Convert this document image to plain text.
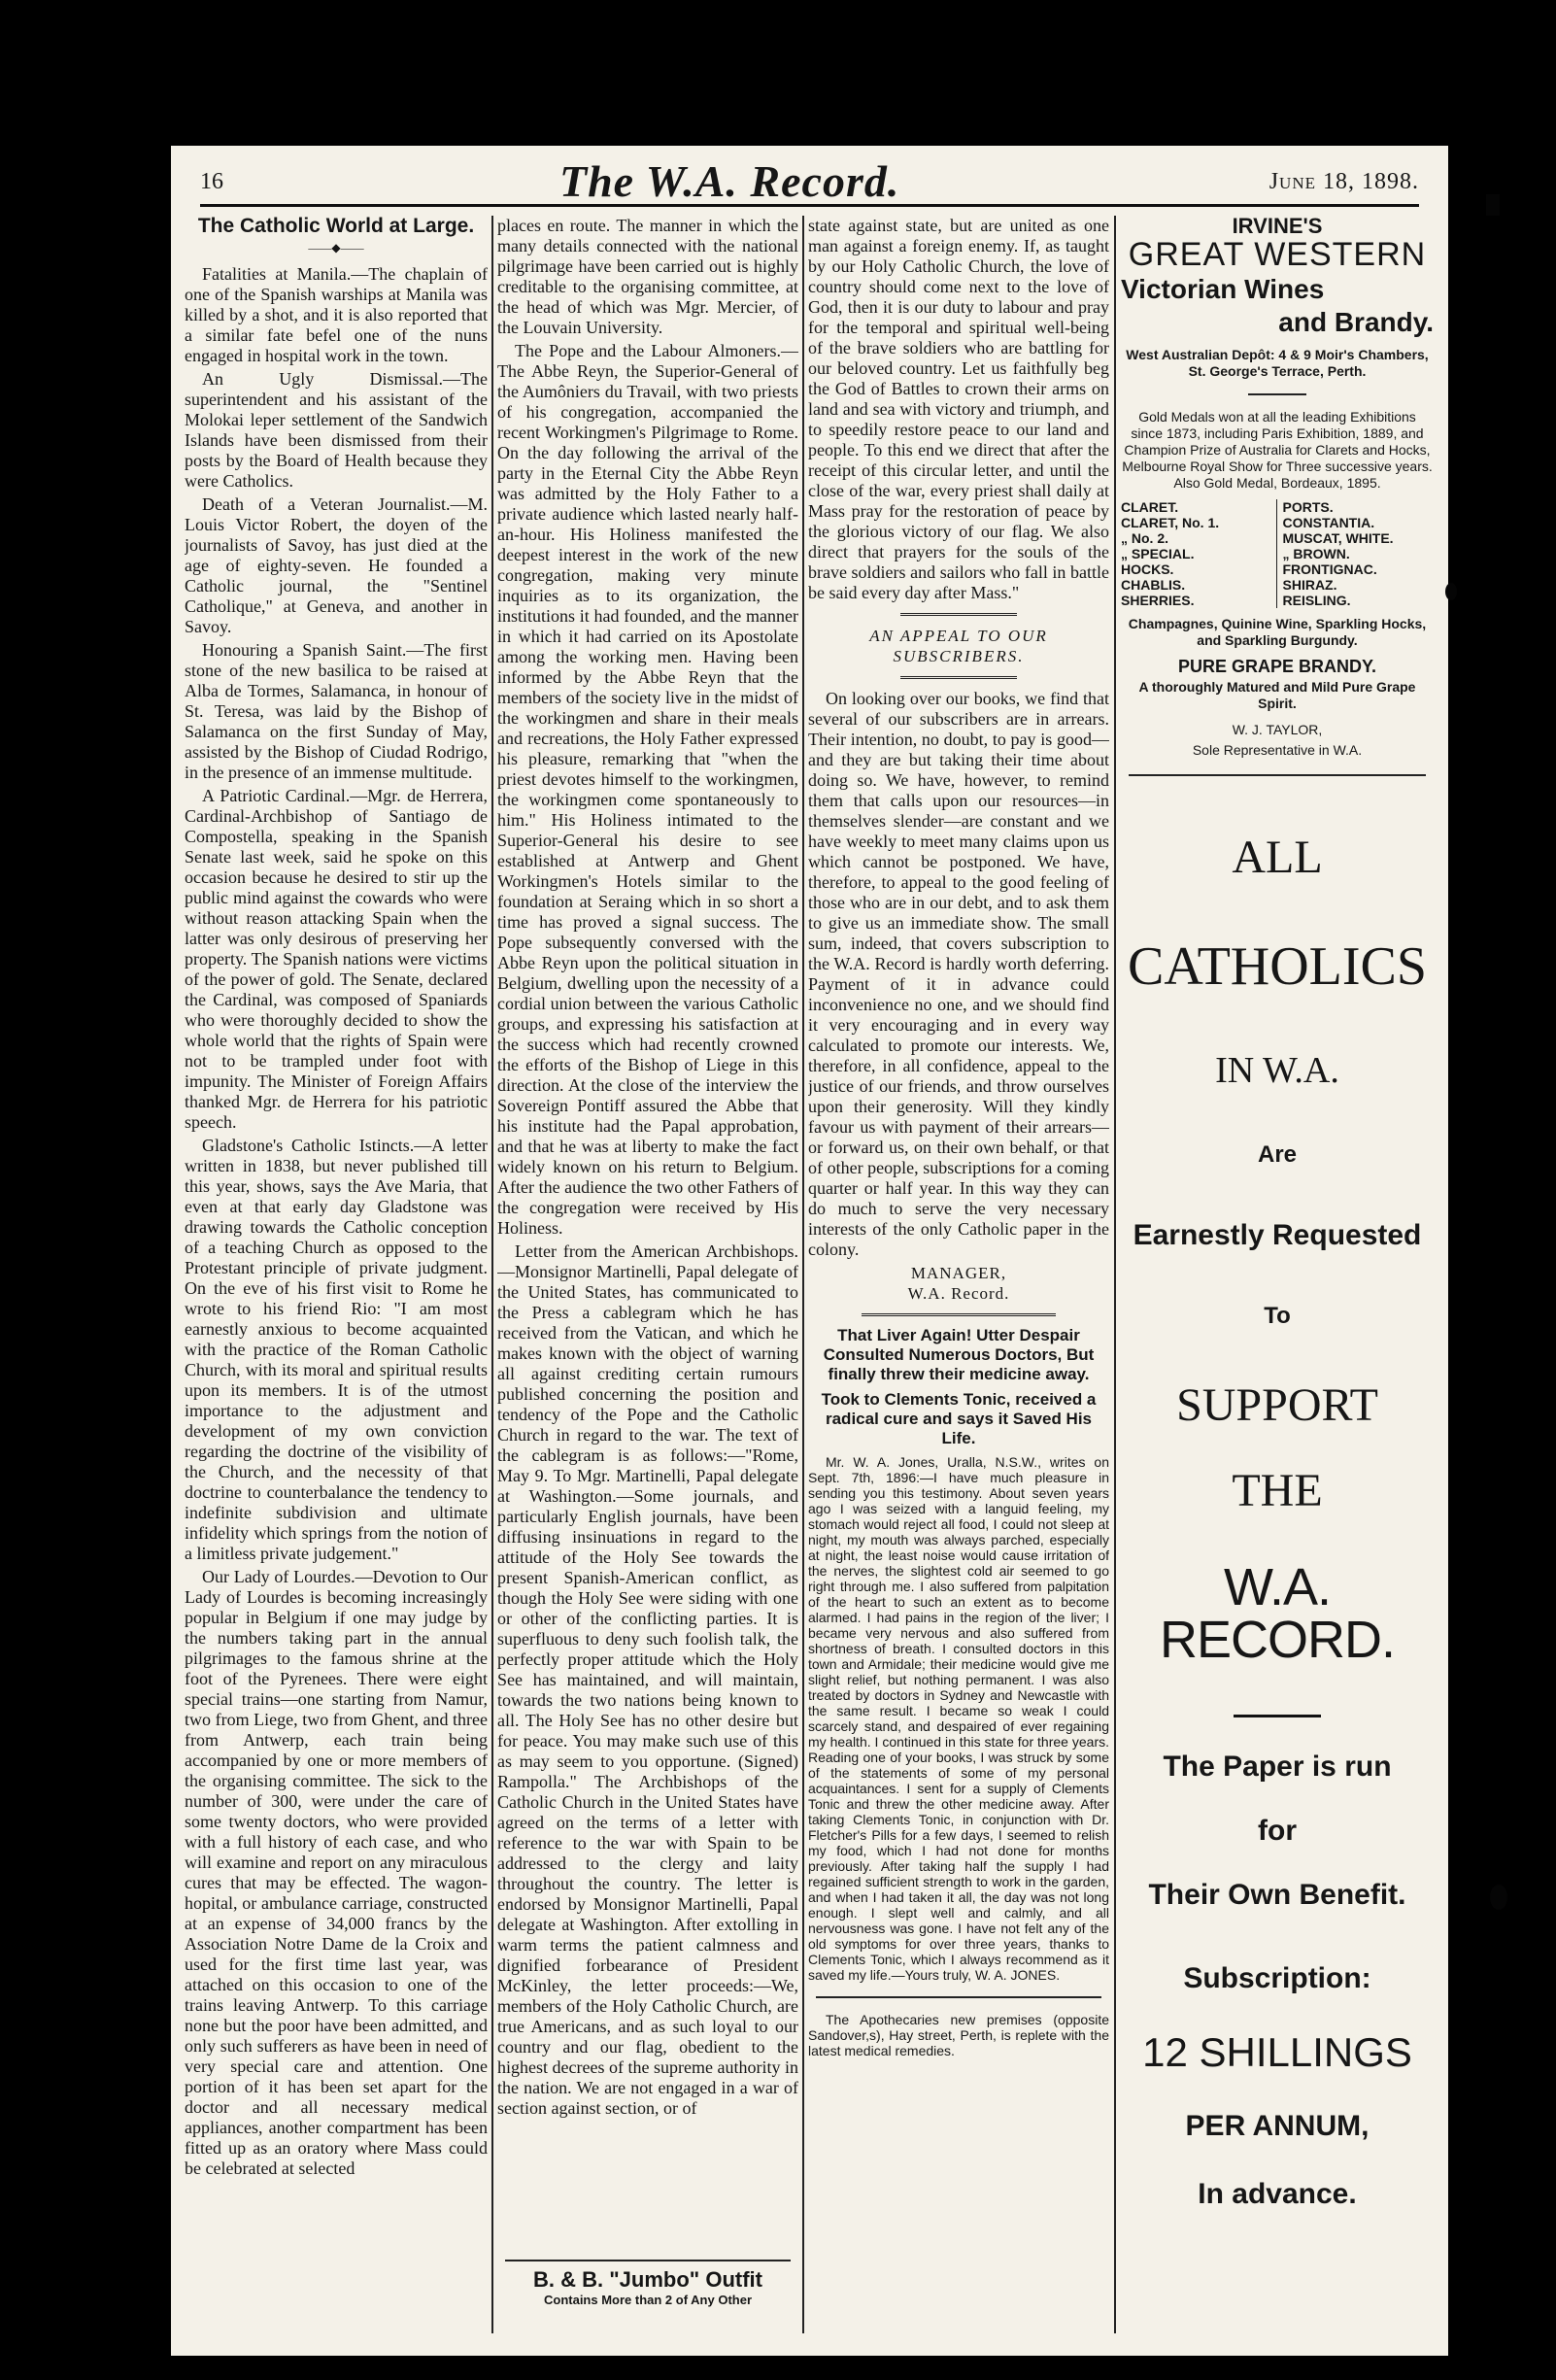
16	The W.A. Record.	June 18, 1898.
The Catholic World at Large.
——◆——

Fatalities at Manila.—The chaplain of one of the Spanish warships at Manila was killed by a shot, and it is also reported that a similar fate befel one of the nuns engaged in hospital work in the town.

An Ugly Dismissal.—The superintendent and his assistant of the Molokai leper settlement of the Sandwich Islands have been dismissed from their posts by the Board of Health because they were Catholics.

Death of a Veteran Journalist.—M. Louis Victor Robert, the doyen of the journalists of Savoy, has just died at the age of eighty-seven. He founded a Catholic journal, the "Sentinel Catholique," at Geneva, and another in Savoy.

Honouring a Spanish Saint.—The first stone of the new basilica to be raised at Alba de Tormes, Salamanca, in honour of St. Teresa, was laid by the Bishop of Salamanca on the first Sunday of May, assisted by the Bishop of Ciudad Rodrigo, in the presence of an immense multitude.

A Patriotic Cardinal.—Mgr. de Herrera, Cardinal-Archbishop of Santiago de Compostella, speaking in the Spanish Senate last week, said he spoke on this occasion because he desired to stir up the public mind against the cowards who were without reason attacking Spain when the latter was only desirous of preserving her property. The Spanish nations were victims of the power of gold. The Senate, declared the Cardinal, was composed of Spaniards who were thoroughly decided to show the whole world that the rights of Spain were not to be trampled under foot with impunity. The Minister of Foreign Affairs thanked Mgr. de Herrera for his patriotic speech.

Gladstone's Catholic Istincts.—A letter written in 1838, but never published till this year, shows, says the Ave Maria, that even at that early day Gladstone was drawing towards the Catholic conception of a teaching Church as opposed to the Protestant principle of private judgment. On the eve of his first visit to Rome he wrote to his friend Rio: "I am most earnestly anxious to become acquainted with the practice of the Roman Catholic Church, with its moral and spiritual results upon its members. It is of the utmost importance to the adjustment and development of my own conviction regarding the doctrine of the visibility of the Church, and the necessity of that doctrine to counterbalance the tendency to indefinite subdivision and ultimate infidelity which springs from the notion of a limitless private judgement."

Our Lady of Lourdes.—Devotion to Our Lady of Lourdes is becoming increasingly popular in Belgium if one may judge by the numbers taking part in the annual pilgrimages to the famous shrine at the foot of the Pyrenees. There were eight special trains—one starting from Namur, two from Liege, two from Ghent, and three from Antwerp, each train being accompanied by one or more members of the organising committee. The sick to the number of 300, were under the care of some twenty doctors, who were provided with a full history of each case, and who will examine and report on any miraculous cures that may be effected. The wagon-hopital, or ambulance carriage, constructed at an expense of 34,000 francs by the Association Notre Dame de la Croix and used for the first time last year, was attached on this occasion to one of the trains leaving Antwerp. To this carriage none but the poor have been admitted, and only such sufferers as have been in need of very special care and attention. One portion of it has been set apart for the doctor and all necessary medical appliances, another compartment has been fitted up as an oratory where Mass could be celebrated at selected

places en route. The manner in which the many details connected with the national pilgrimage have been carried out is highly creditable to the organising committee, at the head of which was Mgr. Mercier, of the Louvain University.

The Pope and the Labour Almoners.—The Abbe Reyn, the Superior-General of the Aumôniers du Travail, with two priests of his congregation, accompanied the recent Workingmen's Pilgrimage to Rome. On the day following the arrival of the party in the Eternal City the Abbe Reyn was admitted by the Holy Father to a private audience which lasted nearly half-an-hour. His Holiness manifested the deepest interest in the work of the new congregation, making very minute inquiries as to its organization, the institutions it had founded, and the manner in which it had carried on its Apostolate among the working men. Having been informed by the Abbe Reyn that the members of the society live in the midst of the workingmen and share in their meals and recreations, the Holy Father expressed his pleasure, remarking that "when the priest devotes himself to the workingmen, the workingmen come spontaneously to him." His Holiness intimated to the Superior-General his desire to see established at Antwerp and Ghent Workingmen's Hotels similar to the foundation at Seraing which in so short a time has proved a signal success. The Pope subsequently conversed with the Abbe Reyn upon the political situation in Belgium, dwelling upon the necessity of a cordial union between the various Catholic groups, and expressing his satisfaction at the success which had recently crowned the efforts of the Bishop of Liege in this direction. At the close of the interview the Sovereign Pontiff assured the Abbe that his institute had the Papal approbation, and that he was at liberty to make the fact widely known on his return to Belgium. After the audience the two other Fathers of the congregation were received by His Holiness.

Letter from the American Archbishops.—Monsignor Martinelli, Papal delegate of the United States, has communicated to the Press a cablegram which he has received from the Vatican, and which he makes known with the object of warning all against crediting certain rumours published concerning the position and tendency of the Pope and the Catholic Church in regard to the war. The text of the cablegram is as follows:—"Rome, May 9. To Mgr. Martinelli, Papal delegate at Washington.—Some journals, and particularly English journals, have been diffusing insinuations in regard to the attitude of the Holy See towards the present Spanish-American conflict, as though the Holy See were siding with one or other of the conflicting parties. It is superfluous to deny such foolish talk, the perfectly proper attitude which the Holy See has maintained, and will maintain, towards the two nations being known to all. The Holy See has no other desire but for peace. You may make such use of this as may seem to you opportune. (Signed) Rampolla." The Archbishops of the Catholic Church in the United States have agreed on the terms of a letter with reference to the war with Spain to be addressed to the clergy and laity throughout the country. The letter is endorsed by Monsignor Martinelli, Papal delegate at Washington. After extolling in warm terms the patient calmness and dignified forbearance of President McKinley, the letter proceeds:—We, members of the Holy Catholic Church, are true Americans, and as such loyal to our country and our flag, obedient to the highest decrees of the supreme authority in the nation. We are not engaged in a war of section against section, or of

B. & B. "Jumbo" Outfit
Contains More than 2 of Any Other

state against state, but are united as one man against a foreign enemy. If, as taught by our Holy Catholic Church, the love of country should come next to the love of God, then it is our duty to labour and pray for the temporal and spiritual well-being of the brave soldiers who are battling for our beloved country. Let us faithfully beg the God of Battles to crown their arms on land and sea with victory and triumph, and to speedily restore peace to our land and people. To this end we direct that after the receipt of this circular letter, and until the close of the war, every priest shall daily at Mass pray for the restoration of peace by the glorious victory of our flag. We also direct that prayers for the souls of the brave soldiers and sailors who fall in battle be said every day after Mass."

AN APPEAL TO OUR SUBSCRIBERS.

On looking over our books, we find that several of our subscribers are in arrears. Their intention, no doubt, to pay is good—and they are but taking their time about doing so. We have, however, to remind them that calls upon our resources—in themselves slender—are constant and we have weekly to meet many claims upon us which cannot be postponed. We have, therefore, to appeal to the good feeling of those who are in our debt, and to ask them to give us an immediate show. The small sum, indeed, that covers subscription to the W.A. Record is hardly worth deferring. Payment of it in advance could inconvenience no one, and we should find it very encouraging and in every way calculated to promote our interests. We, therefore, in all confidence, appeal to the justice of our friends, and throw ourselves upon their generosity. Will they kindly favour us with payment of their arrears—or forward us, on their own behalf, or that of other people, subscriptions for a coming quarter or half year. In this way they can do much to serve the very necessary interests of the only Catholic paper in the colony.

MANAGER,
W.A. Record.
That Liver Again! Utter Despair Consulted Numerous Doctors, But finally threw their medicine away.
Took to Clements Tonic, received a radical cure and says it Saved His Life.

Mr. W. A. Jones, Uralla, N.S.W., writes on Sept. 7th, 1896:—I have much pleasure in sending you this testimony. About seven years ago I was seized with a languid feeling, my stomach would reject all food, I could not sleep at night, my mouth was always parched, especially at night, the least noise would cause irritation of the nerves, the slightest cold air seemed to go right through me. I also suffered from palpitation of the heart to such an extent as to become alarmed. I had pains in the region of the liver; I became very nervous and also suffered from shortness of breath. I consulted doctors in this town and Armidale; their medicine would give me slight relief, but nothing permanent. I was also treated by doctors in Sydney and Newcastle with the same result. I became so weak I could scarcely stand, and despaired of ever regaining my health. I continued in this state for three years. Reading one of your books, I was struck by some of the statements of some of my personal acquaintances. I sent for a supply of Clements Tonic and threw the other medicine away. After taking Clements Tonic, in conjunction with Dr. Fletcher's Pills for a few days, I seemed to relish my food, which I had not done for months previously. After taking half the supply I had regained sufficient strength to work in the garden, and when I had taken it all, the day was not long enough. I slept well and calmly, and all nervousness was gone. I have not felt any of the old symptoms for over three years, thanks to Clements Tonic, which I always recommend as it saved my life.—Yours truly, W. A. JONES.

The Apothecaries new premises (opposite Sandover,s), Hay street, Perth, is replete with the latest medical remedies.

IRVINE'S
GREAT WESTERN
Victorian Wines
and Brandy.
West Australian Depôt: 4 & 9 Moir's Chambers, St. George's Terrace, Perth.
Gold Medals won at all the leading Exhibitions since 1873, including Paris Exhibition, 1889, and Champion Prize of Australia for Clarets and Hocks, Melbourne Royal Show for Three successive years. Also Gold Medal, Bordeaux, 1895.
CLARET.
CLARET, No. 1.
„ No. 2.
„ SPECIAL.
HOCKS.
CHABLIS.
SHERRIES.
PORTS.
CONSTANTIA.
MUSCAT, WHITE.
„ BROWN.
FRONTIGNAC.
SHIRAZ.
REISLING.
Champagnes, Quinine Wine, Sparkling Hocks, and Sparkling Burgundy.
PURE GRAPE BRANDY.
A thoroughly Matured and Mild Pure Grape Spirit.
W. J. TAYLOR,
Sole Representative in W.A.
ALL
CATHOLICS
IN W.A.
Are
Earnestly Requested
To
SUPPORT
THE
W.A. RECORD.
The Paper is run
for
Their Own Benefit.
Subscription:
12 SHILLINGS
PER ANNUM,
In advance.
